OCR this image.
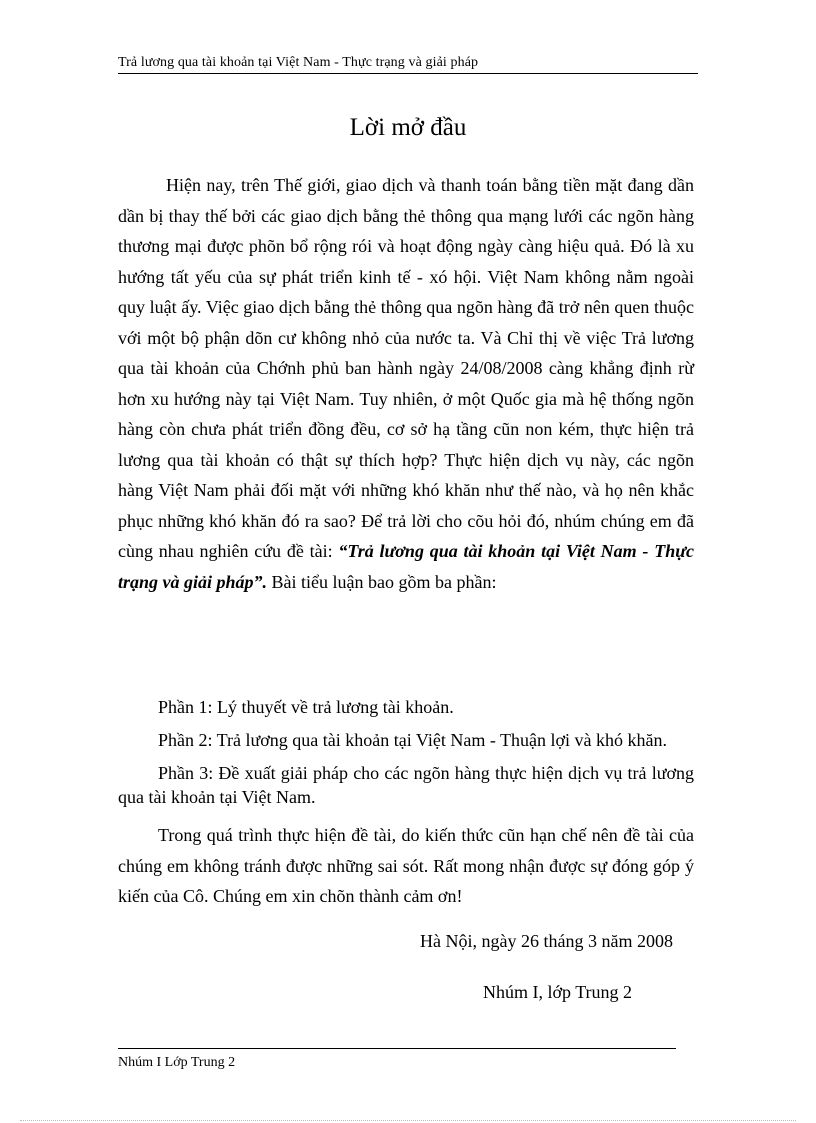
Trả lương qua tài khoản tại Việt Nam - Thực trạng và giải pháp
Lời mở đầu

Hiện nay, trên Thế giới, giao dịch và thanh toán bằng tiền mặt đang dần dần bị thay thế bởi các giao dịch bằng thẻ thông qua mạng lưới các ngõn hàng thương mại được phõn bổ rộng rói và hoạt động ngày càng hiệu quả. Đó là xu hướng tất yếu của sự phát triển kinh tế - xó hội. Việt Nam không nằm ngoài quy luật ấy. Việc giao dịch bằng thẻ thông qua ngõn hàng đã trở nên quen thuộc với một bộ phận dõn cư không nhỏ của nước ta. Và Chỉ thị về việc Trả lương qua tài khoản của Chớnh phủ ban hành ngày 24/08/2008 càng khẳng định rừ hơn xu hướng này tại Việt Nam. Tuy nhiên, ở một Quốc gia mà hệ thống ngõn hàng còn chưa phát triển đồng đều, cơ sở hạ tầng cũn non kém, thực hiện trả lương qua tài khoản có thật sự thích hợp? Thực hiện dịch vụ này, các ngõn hàng Việt Nam phải đối mặt với những khó khăn như thế nào, và họ nên khắc phục những khó khăn đó ra sao? Để trả lời cho cõu hỏi đó, nhúm chúng em đã cùng nhau nghiên cứu đề tài: “Trả lương qua tài khoản tại Việt Nam - Thực trạng và giải pháp”. Bài tiểu luận bao gồm ba phần:

Phần 1: Lý thuyết về trả lương tài khoản.

Phần 2: Trả lương qua tài khoản tại Việt Nam - Thuận lợi và khó khăn.

Phần 3: Đề xuất giải pháp cho các ngõn hàng thực hiện dịch vụ trả lương qua tài khoản tại Việt Nam.

Trong quá trình thực hiện đề tài, do kiến thức cũn hạn chế nên đề tài của chúng em không tránh được những sai sót. Rất mong nhận được sự đóng góp ý kiến của Cô. Chúng em xin chõn thành cảm ơn!

Hà Nội, ngày 26 tháng 3 năm 2008
Nhúm I, lớp Trung 2
Nhúm I Lớp Trung 2
